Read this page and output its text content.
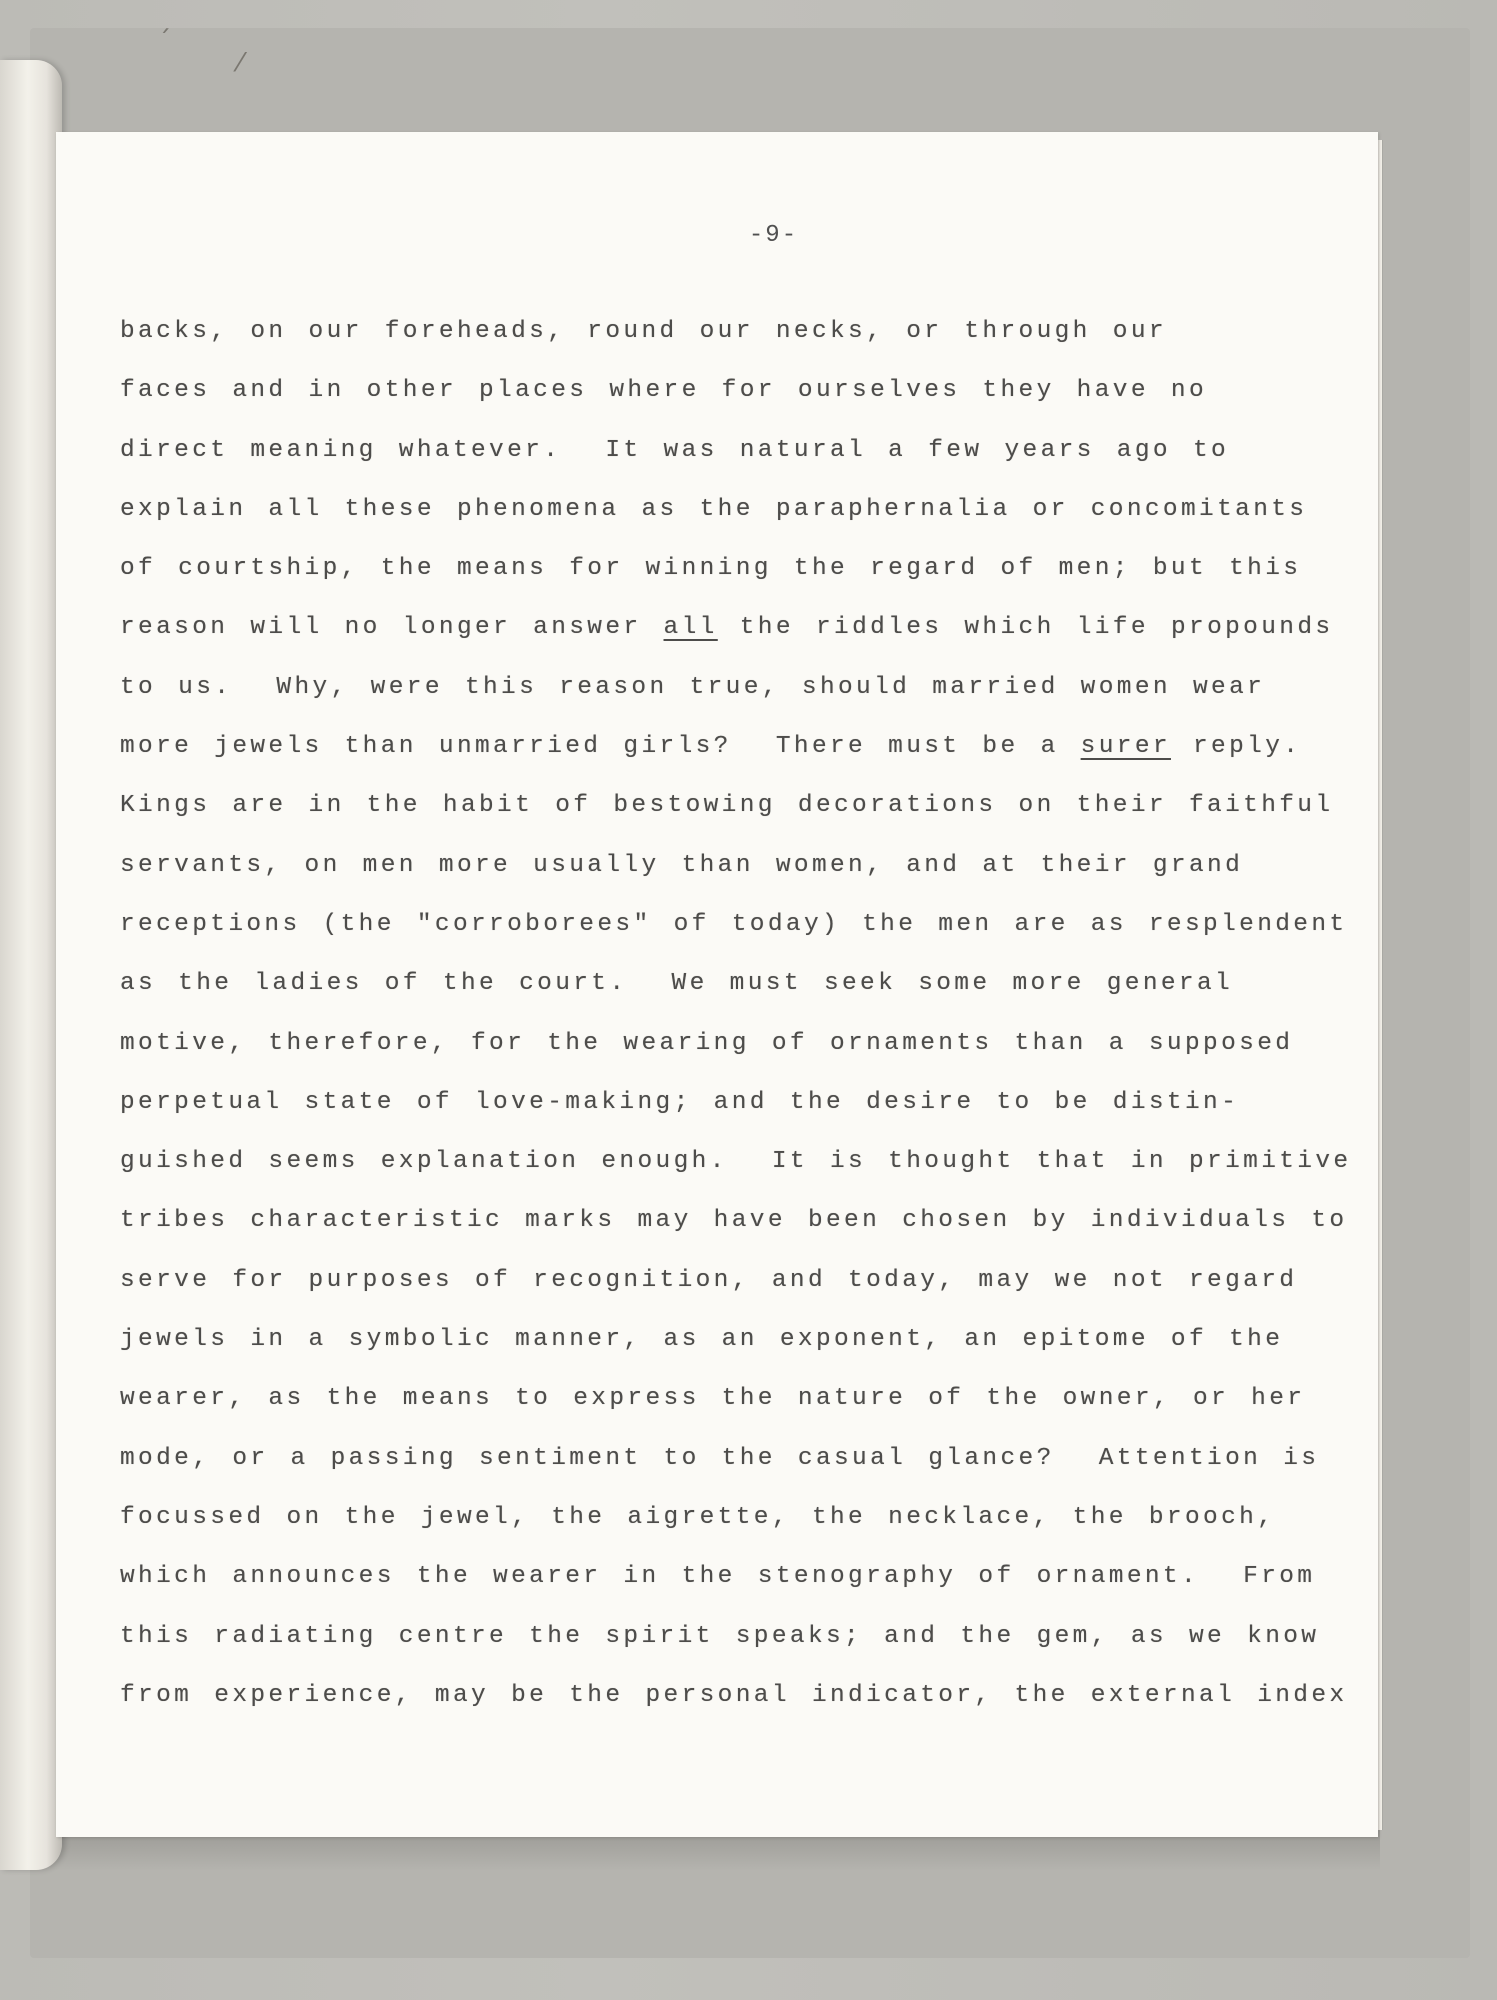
ˊ
⁄
-9-
backs, on our foreheads, round our necks, or through our
faces and in other places where for ourselves they have no
direct meaning whatever.  It was natural a few years ago to
explain all these phenomena as the paraphernalia or concomitants
of courtship, the means for winning the regard of men; but this
reason will no longer answer all the riddles which life propounds
to us.  Why, were this reason true, should married women wear
more jewels than unmarried girls?  There must be a surer reply.
Kings are in the habit of bestowing decorations on their faithful
servants, on men more usually than women, and at their grand
receptions (the "corroborees" of today) the men are as resplendent
as the ladies of the court.  We must seek some more general
motive, therefore, for the wearing of ornaments than a supposed
perpetual state of love-making; and the desire to be distin-
guished seems explanation enough.  It is thought that in primitive
tribes characteristic marks may have been chosen by individuals to
serve for purposes of recognition, and today, may we not regard
jewels in a symbolic manner, as an exponent, an epitome of the
wearer, as the means to express the nature of the owner, or her
mode, or a passing sentiment to the casual glance?  Attention is
focussed on the jewel, the aigrette, the necklace, the brooch,
which announces the wearer in the stenography of ornament.  From
this radiating centre the spirit speaks; and the gem, as we know
from experience, may be the personal indicator, the external index
